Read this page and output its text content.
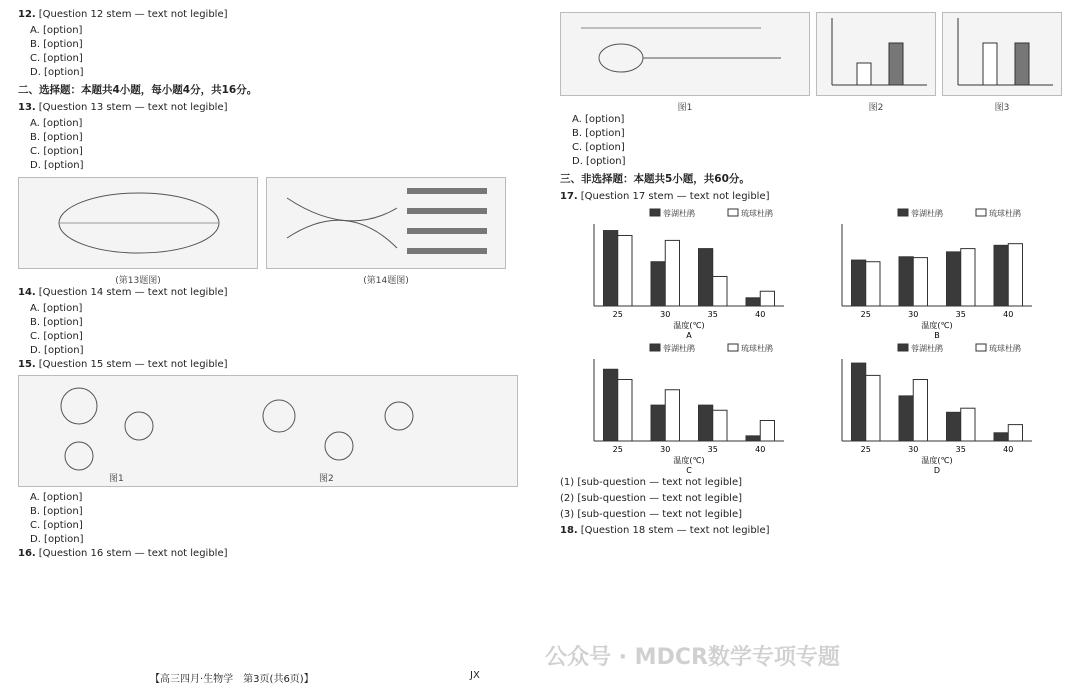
12. [Question 12 stem — text not legible]
A. [option]
B. [option]
C. [option]
D. [option]
二、选择题：本题共4小题，每小题4分，共16分。
13. [Question 13 stem — text not legible]
A. [option]
B. [option]
C. [option]
D. [option]
(第13题图)	(第14题图)
14. [Question 14 stem — text not legible]
A. [option]
B. [option]
C. [option]
D. [option]
15. [Question 15 stem — text not legible]
图1	图2
A. [option]
B. [option]
C. [option]
D. [option]
16. [Question 16 stem — text not legible]
图1	图2	图3
A. [option]
B. [option]
C. [option]
D. [option]
三、非选择题：本题共5小题，共60分。
17. [Question 17 stem — text not legible]
蓉湖杜鹃	琉球杜鹃
25	30	35	40
温度(℃)
A
蓉湖杜鹃	琉球杜鹃
25	30	35	40
温度(℃)
B

蓉湖杜鹃	琉球杜鹃
25	30	35	40
温度(℃)
C
蓉湖杜鹃	琉球杜鹃
25	30	35	40
温度(℃)
D
(1) [sub-question — text not legible]
(2) [sub-question — text not legible]
(3) [sub-question — text not legible]
18. [Question 18 stem — text not legible]
【高三四月·生物学　第3页(共6页)】	JX
公众号 · MDCR数学专项专题
